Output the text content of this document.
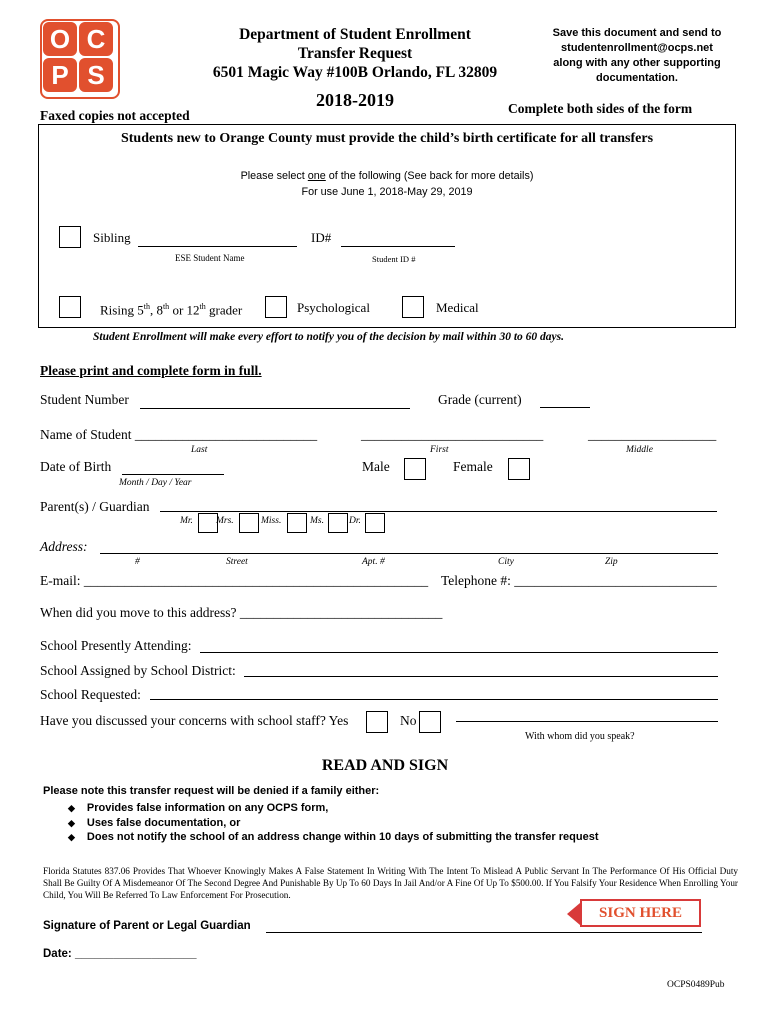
O C
P S
Department of Student Enrollment
Transfer Request
6501 Magic Way #100B Orlando, FL 32809
2018-2019
Save this document and send to
studentenrollment@ocps.net
along with any other supporting
documentation.
Complete both sides of the form
Faxed copies not accepted
Students new to Orange County must provide the child’s birth certificate for all transfers
Please select one of the following (See back for more details)
For use June 1, 2018-May 29, 2019
Sibling	ID#
ESE Student Name	Student ID #
Rising 5th, 8th or 12th grader	Psychological	Medical
Student Enrollment will make every effort to notify you of the decision by mail within 30 to 60 days.
Please print and complete form in full.
Student Number	Grade (current)
Name of Student ___________________________	___________________________	___________________
Last	First	Middle
Date of Birth	Male	Female
Month / Day / Year
Parent(s) / Guardian
Mr. Mrs.	Miss.	Ms.	Dr.
Address:
#	Street	Apt. #	City	Zip
E-mail: ___________________________________________________ Telephone #: ______________________________
When did you move to this address? ______________________________
School Presently Attending:
School Assigned by School District:
School Requested:
Have you discussed your concerns with school staff? Yes	No
With whom did you speak?
READ AND SIGN
Please note this transfer request will be denied if a family either:
◆ Provides false information on any OCPS form,
◆ Uses false documentation, or
◆ Does not notify the school of an address change within 10 days of submitting the transfer request
Florida Statutes 837.06 Provides That Whoever Knowingly Makes A False Statement In Writing With The Intent To Mislead A Public Servant In The Performance Of His Official Duty Shall Be Guilty Of A Misdemeanor Of The Second Degree And Punishable By Up To 60 Days In Jail And/or A Fine Of Up To $500.00. If You Falsify Your Residence When Enrolling Your Child, You Will Be Referred To Law Enforcement For Prosecution.
Signature of Parent or Legal Guardian
SIGN HERE
Date: ___________________
OCPS0489Pub
